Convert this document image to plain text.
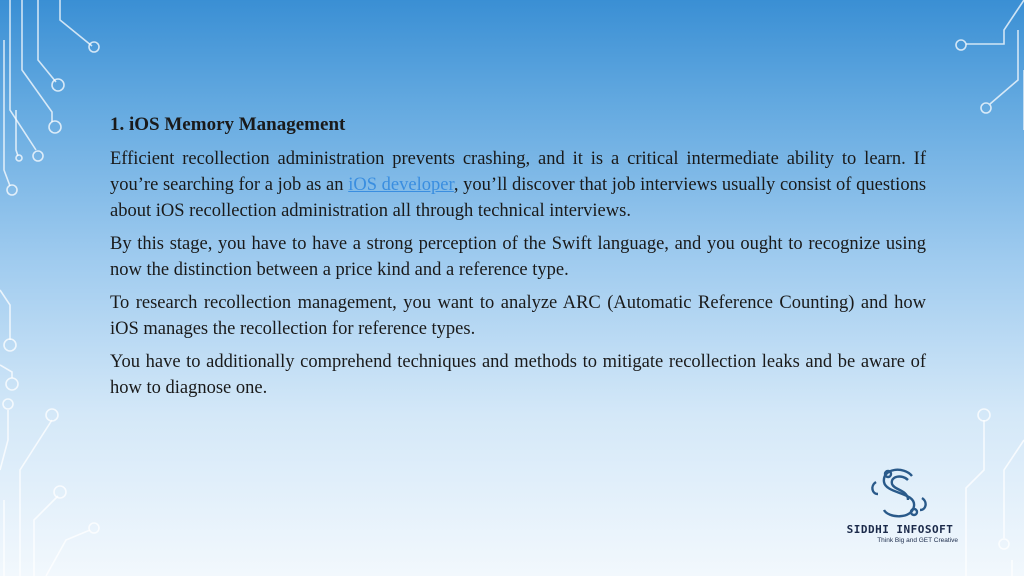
1. iOS Memory Management

Efficient recollection administration prevents crashing, and it is a critical intermediate ability to learn. If you’re searching for a job as an iOS developer, you’ll discover that job interviews usually consist of questions about iOS recollection administration all through technical interviews.

By this stage, you have to have a strong perception of the Swift language, and you ought to recognize using now the distinction between a price kind and a reference type.

To research recollection management, you want to analyze ARC (Automatic Reference Counting) and how iOS manages the recollection for reference types.

You have to additionally comprehend techniques and methods to mitigate recollection leaks and be aware of how to diagnose one.

SIDDHI INFOSOFT
Think Big and GET Creative
